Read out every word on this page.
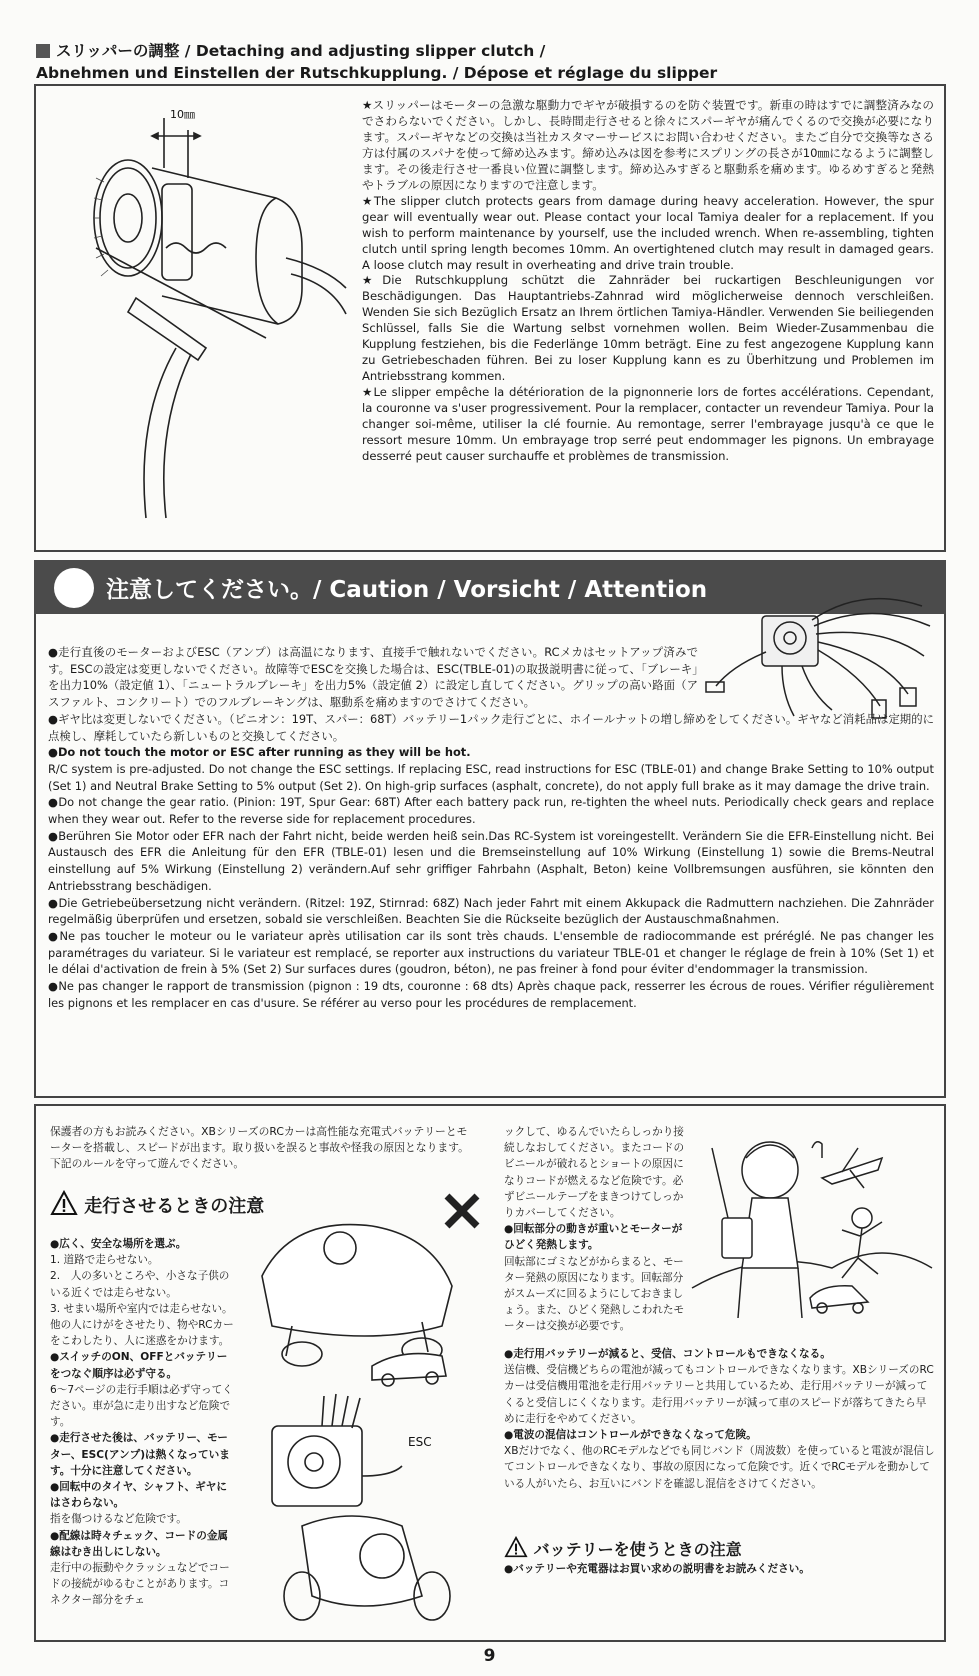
スリッパーの調整 / Detaching and adjusting slipper clutch /
Abnehmen und Einstellen der Rutschkupplung. / Dépose et réglage du slipper
10㎜

★スリッパーはモーターの急激な駆動力でギヤが破損するのを防ぐ装置です。新車の時はすでに調整済みなのでさわらないでください。しかし、長時間走行させると徐々にスパーギヤが痛んでくるので交換が必要になります。スパーギヤなどの交換は当社カスタマーサービスにお問い合わせください。またご自分で交換等なさる方は付属のスパナを使って締め込みます。締め込みは図を参考にスプリングの長さが10㎜になるように調整します。その後走行させ一番良い位置に調整します。締め込みすぎると駆動系を痛めます。ゆるめすぎると発熱やトラブルの原因になりますので注意します。

★The slipper clutch protects gears from damage during heavy acceleration. However, the spur gear will eventually wear out. Please contact your local Tamiya dealer for a replacement. If you wish to perform maintenance by yourself, use the included wrench. When re-assembling, tighten clutch until spring length becomes 10mm. An overtightened clutch may result in damaged gears. A loose clutch may result in overheating and drive train trouble.

★Die Rutschkupplung schützt die Zahnräder bei ruckartigen Beschleunigungen vor Beschädigungen. Das Hauptantriebs-Zahnrad wird möglicherweise dennoch verschleißen. Wenden Sie sich Bezüglich Ersatz an Ihrem örtlichen Tamiya-Händler. Verwenden Sie beiliegenden Schlüssel, falls Sie die Wartung selbst vornehmen wollen. Beim Wieder-Zusammenbau die Kupplung festziehen, bis die Federlänge 10mm beträgt. Eine zu fest angezogene Kupplung kann zu Getriebeschaden führen. Bei zu loser Kupplung kann es zu Überhitzung und Problemen im Antriebsstrang kommen.

★Le slipper empêche la détérioration de la pignonnerie lors de fortes accélérations. Cependant, la couronne va s'user progressivement. Pour la remplacer, contacter un revendeur Tamiya. Pour la changer soi-même, utiliser la clé fournie. Au remontage, serrer l'embrayage jusqu'à ce que le ressort mesure 10mm. Un embrayage trop serré peut endommager les pignons. Un embrayage desserré peut causer surchauffe et problèmes de transmission.

注意してください。/ Caution / Vorsicht / Attention

●走行直後のモーターおよびESC（アンプ）は高温になります、直接手で触れないでください。RCメカはセットアップ済みです。ESCの設定は変更しないでください。故障等でESCを交換した場合は、ESC(TBLE-01)の取扱説明書に従って、「ブレーキ」を出力10%（設定値 1）、「ニュートラルブレーキ」を出力5%（設定値 2）に設定し直してください。グリップの高い路面（アスファルト、コンクリート）でのフルブレーキングは、駆動系を痛めますのでさけてください。

●ギヤ比は変更しないでください。（ピニオン：19T、スパー：68T）バッテリー1パック走行ごとに、ホイールナットの増し締めをしてください。ギヤなど消耗品は定期的に点検し、摩耗していたら新しいものと交換してください。

●Do not touch the motor or ESC after running as they will be hot.

R/C system is pre-adjusted. Do not change the ESC settings. If replacing ESC, read instructions for ESC (TBLE-01) and change Brake Setting to 10% output (Set 1) and Neutral Brake Setting to 5% output (Set 2). On high-grip surfaces (asphalt, concrete), do not apply full brake as it may damage the drive train.

●Do not change the gear ratio. (Pinion: 19T, Spur Gear: 68T) After each battery pack run, re-tighten the wheel nuts. Periodically check gears and replace when they wear out. Refer to the reverse side for replacement procedures.

●Berühren Sie Motor oder EFR nach der Fahrt nicht, beide werden heiß sein.Das RC-System ist voreingestellt. Verändern Sie die EFR-Einstellung nicht. Bei Austausch des EFR die Anleitung für den EFR (TBLE-01) lesen und die Bremseinstellung auf 10% Wirkung (Einstellung 1) sowie die Brems-Neutral einstellung auf 5% Wirkung (Einstellung 2) verändern.Auf sehr griffiger Fahrbahn (Asphalt, Beton) keine Vollbremsungen ausführen, sie könnten den Antriebsstrang beschädigen.

●Die Getriebeübersetzung nicht verändern. (Ritzel: 19Z, Stirnrad: 68Z) Nach jeder Fahrt mit einem Akkupack die Radmuttern nachziehen. Die Zahnräder regelmäßig überprüfen und ersetzen, sobald sie verschleißen. Beachten Sie die Rückseite bezüglich der Austauschmaßnahmen.

●Ne pas toucher le moteur ou le variateur après utilisation car ils sont très chauds. L'ensemble de radiocommande est préréglé. Ne pas changer les paramétrages du variateur. Si le variateur est remplacé, se reporter aux instructions du variateur TBLE-01 et changer le réglage de frein à 10% (Set 1) et le délai d'activation de frein à 5% (Set 2) Sur surfaces dures (goudron, béton), ne pas freiner à fond pour éviter d'endommager la transmission.

●Ne pas changer le rapport de transmission (pignon : 19 dts, couronne : 68 dts) Après chaque pack, resserrer les écrous de roues. Vérifier régulièrement les pignons et les remplacer en cas d'usure. Se référer au verso pour les procédures de remplacement.

保護者の方もお読みください。XBシリーズのRCカーは高性能な充電式バッテリーとモーターを搭載し、スピードが出ます。取り扱いを誤ると事故や怪我の原因となります。下記のルールを守って遊んでください。

走行させるときの注意

●広く、安全な場所を選ぶ。

1. 道路で走らせない。

2.　人の多いところや、小さな子供のいる近くでは走らせない。

3. せまい場所や室内では走らせない。他の人にけがをさせたり、物やRCカーをこわしたり、人に迷惑をかけます。

●スイッチのON、OFFとバッテリーをつなぐ順序は必ず守る。

6〜7ページの走行手順は必ず守ってください。車が急に走り出すなど危険です。

●走行させた後は、バッテリー、モーター、ESC(アンプ)は熱くなっています。十分に注意してください。

●回転中のタイヤ、シャフト、ギヤにはさわらない。

指を傷つけるなど危険です。

●配線は時々チェック、コードの金属線はむき出しにしない。

走行中の振動やクラッシュなどでコードの接続がゆるむことがあります。コネクター部分をチェ

ESC

ックして、ゆるんでいたらしっかり接続しなおしてください。またコードのビニールが破れるとショートの原因になりコードが燃えるなど危険です。必ずビニールテープをまきつけてしっかりカバーしてください。

●回転部分の動きが重いとモーターがひどく発熱します。

回転部にゴミなどがからまると、モーター発熱の原因になります。回転部分がスムーズに回るようにしておきましょう。また、ひどく発熱しこわれたモーターは交換が必要です。

●走行用バッテリーが減ると、受信、コントロールもできなくなる。

送信機、受信機どちらの電池が減ってもコントロールできなくなります。XBシリーズのRCカーは受信機用電池を走行用バッテリーと共用しているため、走行用バッテリーが減ってくると受信しにくくなります。走行用バッテリーが減って車のスピードが落ちてきたら早めに走行をやめてください。

●電波の混信はコントロールができなくなって危険。

XBだけでなく、他のRCモデルなどでも同じバンド（周波数）を使っていると電波が混信してコントロールできなくなり、事故の原因になって危険です。近くでRCモデルを動かしている人がいたら、お互いにバンドを確認し混信をさけてください。

バッテリーを使うときの注意
●バッテリーや充電器はお買い求めの説明書をお読みください。
9
